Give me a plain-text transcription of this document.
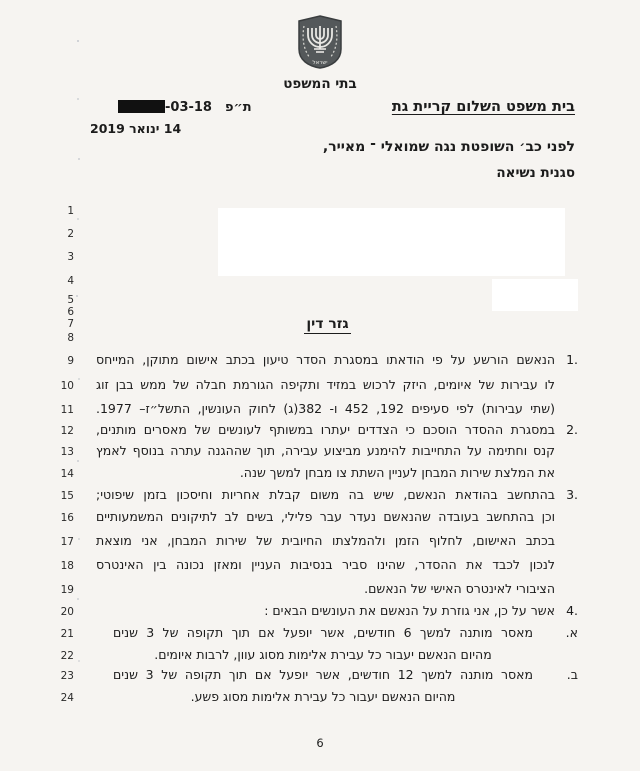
ישראל
בתי המשפט
בית משפט השלום קריית גת
ת״פ -03-18
14 ינואר 2019
לפני כב׳ השופטת נגה שמואלי ־ מאייר,
סגנית נשיאה
1
2
3
4
5
6
7
8
9
10
11
12
13
14
15
16
17
18
19
20
21
22
23
24
גזר דין
.1
הנאשם הורשע על פי הודאתו במסגרת הסדר טיעון בכתב אישום מתוקן, המייחס
לו עבירות של איומים, היזק לרכוש במזיד ותקיפה הגורמת חבלה של ממש בבן זוג
(שתי עבירות) לפי סעיפים 192, 452 ו- 382(ג) לחוק העונשין, התשל״ז– 1977.
.2
במסגרת ההסדר הוסכם כי הצדדים יעתרו במשותף לעונשים של מאסרים מותנים,
קנס וחתימה על התחייבות להימנע מביצוע עבירה, תוך שההגנה עתרה בנוסף לאמץ
את המלצת שירות המבחן לעניין השתת צו מבחן למשך שנה.
.3
בהתחשב בהודאת הנאשם, שיש בה משום קבלת אחריות וחיסכון בזמן שיפוטי;
וכן בהתחשב בעובדה שהנאשם נעדר עבר פלילי, בשים לב לתיקונים המשמעותיים
בכתב האישום, לחלוף הזמן ולהמלצתו החיובית של שירות המבחן, אני מוצאת
לנכון לכבד את ההסדר, שהינו סביר בנסיבות העניין ומאזן נכונה בין האינטרס
הציבורי לאינטרס האישי של הנאשם.
.4
אשר על כן, אני גוזרת על הנאשם את העונשים הבאים :
א.
מאסר מותנה למשך 6 חודשים, אשר יופעל אם תוך תקופה של 3 שנים
מהיום הנאשם יעבור כל עבירת אלימות מסוג עוון, לרבות איומים.
ב.
מאסר מותנה למשך 12 חודשים, אשר יופעל אם תוך תקופה של 3 שנים
מהיום הנאשם יעבור כל עבירת אלימות מסוג פשע.
6
